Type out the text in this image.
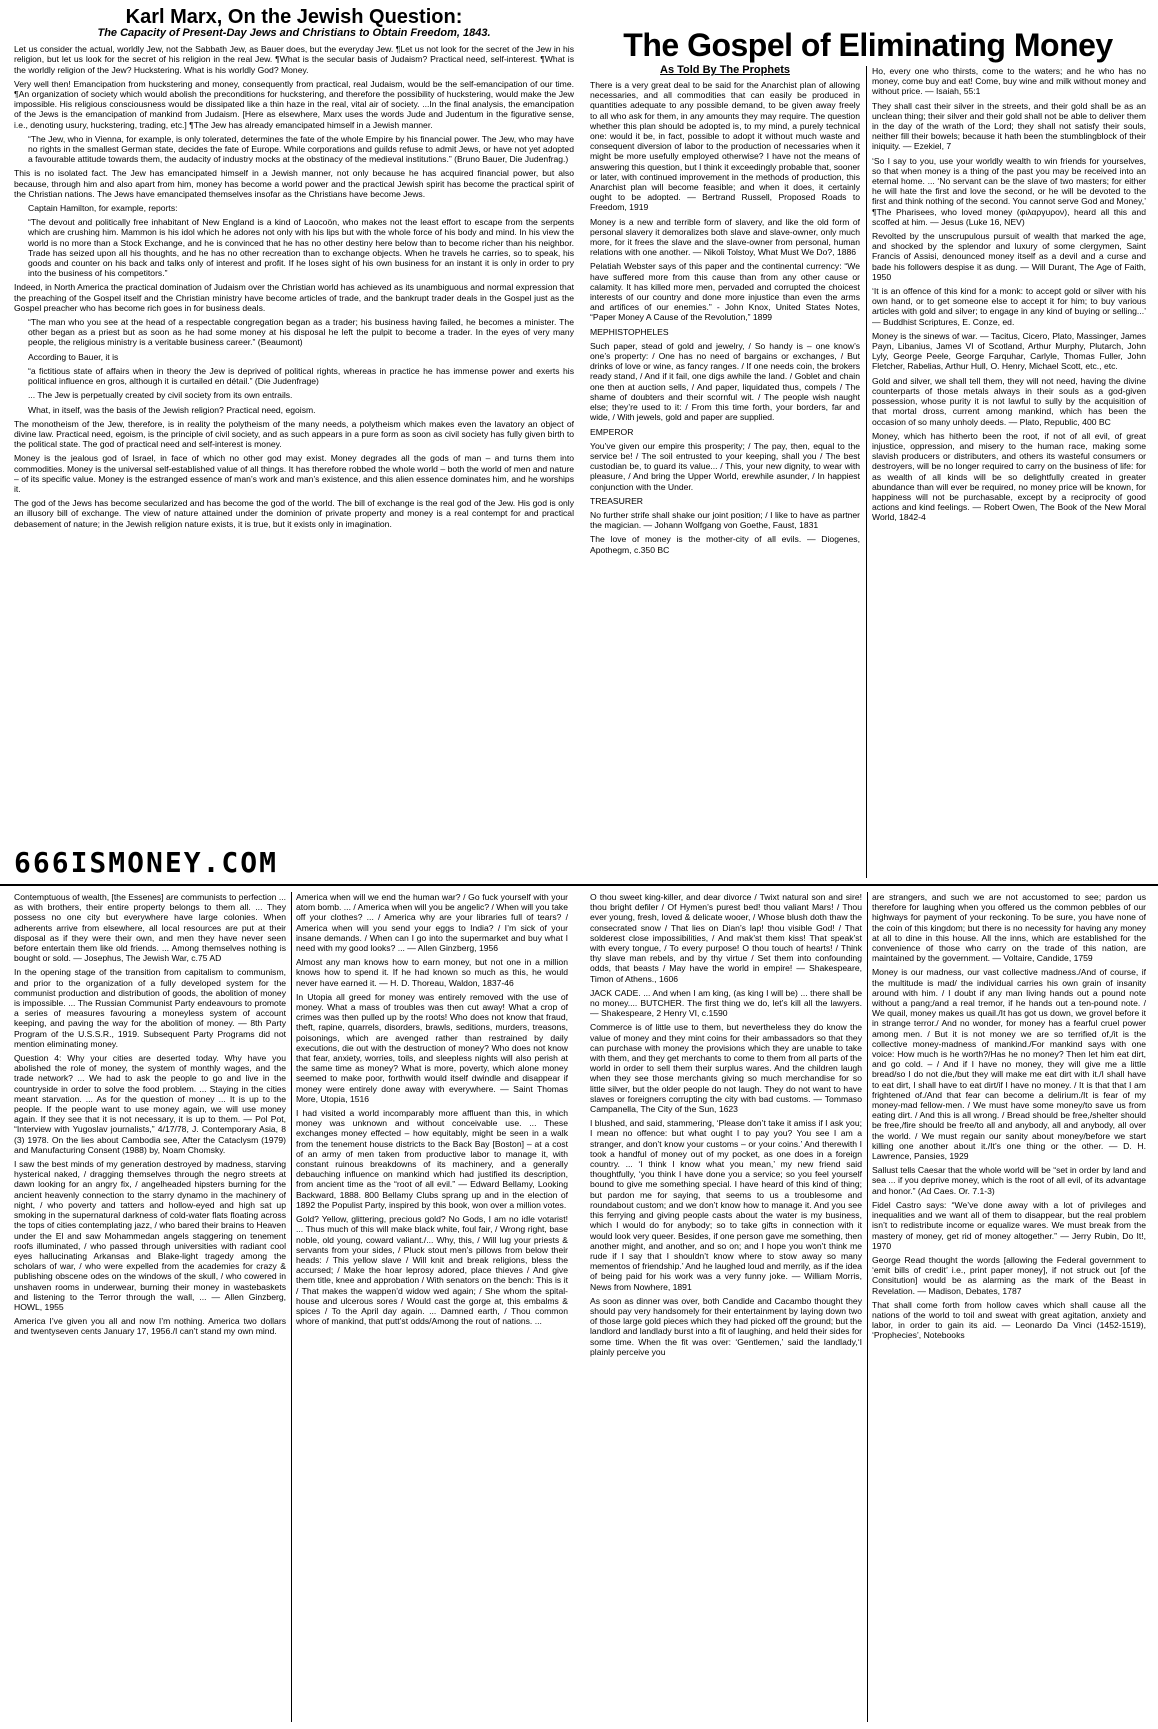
Karl Marx, On the Jewish Question:
The Capacity of Present-Day Jews and Christians to Obtain Freedom, 1843.

Let us consider the actual, worldly Jew, not the Sabbath Jew, as Bauer does, but the everyday Jew. ¶Let us not look for the secret of the Jew in his religion, but let us look for the secret of his religion in the real Jew. ¶What is the secular basis of Judaism? Practical need, self-interest. ¶What is the worldly religion of the Jew? Huckstering. What is his worldly God? Money.

Very well then! Emancipation from huckstering and money, consequently from practical, real Judaism, would be the self-emancipation of our time. ¶An organization of society which would abolish the preconditions for huckstering, and therefore the possibility of huckstering, would make the Jew impossible. His religious consciousness would be dissipated like a thin haze in the real, vital air of society. ...In the final analysis, the emancipation of the Jews is the emancipation of mankind from Judaism. [Here as elsewhere, Marx uses the words Jude and Judentum in the figurative sense, i.e., denoting usury, huckstering, trading, etc.] ¶The Jew has already emancipated himself in a Jewish manner.

“The Jew, who in Vienna, for example, is only tolerated, determines the fate of the whole Empire by his financial power. The Jew, who may have no rights in the smallest German state, decides the fate of Europe. While corporations and guilds refuse to admit Jews, or have not yet adopted a favourable attitude towards them, the audacity of industry mocks at the obstinacy of the medieval institutions.” (Bruno Bauer, Die Judenfrag.)

This is no isolated fact. The Jew has emancipated himself in a Jewish manner, not only because he has acquired financial power, but also because, through him and also apart from him, money has become a world power and the practical Jewish spirit has become the practical spirit of the Christian nations. The Jews have emancipated themselves insofar as the Christians have become Jews.

Captain Hamilton, for example, reports:

“The devout and politically free inhabitant of New England is a kind of Laocoön, who makes not the least effort to escape from the serpents which are crushing him. Mammon is his idol which he adores not only with his lips but with the whole force of his body and mind. In his view the world is no more than a Stock Exchange, and he is convinced that he has no other destiny here below than to become richer than his neighbor. Trade has seized upon all his thoughts, and he has no other recreation than to exchange objects. When he travels he carries, so to speak, his goods and counter on his back and talks only of interest and profit. If he loses sight of his own business for an instant it is only in order to pry into the business of his competitors.”

Indeed, in North America the practical domination of Judaism over the Christian world has achieved as its unambiguous and normal expression that the preaching of the Gospel itself and the Christian ministry have become articles of trade, and the bankrupt trader deals in the Gospel just as the Gospel preacher who has become rich goes in for business deals.

“The man who you see at the head of a respectable congregation began as a trader; his business having failed, he becomes a minister. The other began as a priest but as soon as he had some money at his disposal he left the pulpit to become a trader. In the eyes of very many people, the religious ministry is a veritable business career.” (Beaumont)

According to Bauer, it is

“a fictitious state of affairs when in theory the Jew is deprived of political rights, whereas in practice he has immense power and exerts his political influence en gros, although it is curtailed en détail.” (Die Judenfrage)

... The Jew is perpetually created by civil society from its own entrails.

What, in itself, was the basis of the Jewish religion? Practical need, egoism.

The monotheism of the Jew, therefore, is in reality the polytheism of the many needs, a polytheism which makes even the lavatory an object of divine law. Practical need, egoism, is the principle of civil society, and as such appears in a pure form as soon as civil society has fully given birth to the political state. The god of practical need and self-interest is money.

Money is the jealous god of Israel, in face of which no other god may exist. Money degrades all the gods of man – and turns them into commodities. Money is the universal self-established value of all things. It has therefore robbed the whole world – both the world of men and nature – of its specific value. Money is the estranged essence of man’s work and man’s existence, and this alien essence dominates him, and he worships it.

The god of the Jews has become secularized and has become the god of the world. The bill of exchange is the real god of the Jew. His god is only an illusory bill of exchange. The view of nature attained under the dominion of private property and money is a real contempt for and practical debasement of nature; in the Jewish religion nature exists, it is true, but it exists only in imagination.

666ISMONEY.COM
The Gospel of Eliminating Money
As Told By The Prophets

There is a very great deal to be said for the Anarchist plan of allowing necessaries, and all commodities that can easily be produced in quantities adequate to any possible demand, to be given away freely to all who ask for them, in any amounts they may require. The question whether this plan should be adopted is, to my mind, a purely technical one: would it be, in fact, possible to adopt it without much waste and consequent diversion of labor to the production of necessaries when it might be more usefully employed otherwise? I have not the means of answering this question, but I think it exceedingly probable that, sooner or later, with continued improvement in the methods of production, this Anarchist plan will become feasible; and when it does, it certainly ought to be adopted. — Bertrand Russell, Proposed Roads to Freedom, 1919

Money is a new and terrible form of slavery, and like the old form of personal slavery it demoralizes both slave and slave-owner, only much more, for it frees the slave and the slave-owner from personal, human relations with one another. — Nikoli Tolstoy, What Must We Do?, 1886

Pelatiah Webster says of this paper and the continental currency: “We have suffered more from this cause than from any other cause or calamity. It has killed more men, pervaded and corrupted the choicest interests of our country and done more injustice than even the arms and artifices of our enemies.” - John Knox, United States Notes, “Paper Money A Cause of the Revolution,” 1899

MEPHISTOPHELES

Such paper, stead of gold and jewelry, / So handy is – one know’s one’s property: / One has no need of bargains or exchanges, / But drinks of love or wine, as fancy ranges. / If one needs coin, the brokers ready stand, / And if it fail, one digs awhile the land. / Goblet and chain one then at auction sells, / And paper, liquidated thus, compels / The shame of doubters and their scornful wit. / The people wish naught else; they’re used to it: / From this time forth, your borders, far and wide, / With jewels, gold and paper are supplied.

EMPEROR

You’ve given our empire this prosperity; / The pay, then, equal to the service be! / The soil entrusted to your keeping, shall you / The best custodian be, to guard its value... / This, your new dignity, to wear with pleasure, / And bring the Upper World, erewhile asunder, / In happiest conjunction with the Under.

TREASURER

No further strife shall shake our joint position; / I like to have as partner the magician. — Johann Wolfgang von Goethe, Faust, 1831

The love of money is the mother-city of all evils. — Diogenes, Apothegm, c.350 BC

Ho, every one who thirsts, come to the waters; and he who has no money, come buy and eat! Come, buy wine and milk without money and without price. — Isaiah, 55:1

They shall cast their silver in the streets, and their gold shall be as an unclean thing; their silver and their gold shall not be able to deliver them in the day of the wrath of the Lord; they shall not satisfy their souls, neither fill their bowels; because it hath been the stumblingblock of their iniquity. — Ezekiel, 7

‘So I say to you, use your worldly wealth to win friends for yourselves, so that when money is a thing of the past you may be received into an eternal home. ... ‘No servant can be the slave of two masters; for either he will hate the first and love the second, or he will be devoted to the first and think nothing of the second. You cannot serve God and Money,’ ¶The Pharisees, who loved money (φιλαργυρον), heard all this and scoffed at him. — Jesus (Luke 16, NEV)

Revolted by the unscrupulous pursuit of wealth that marked the age, and shocked by the splendor and luxury of some clergymen, Saint Francis of Assisi, denounced money itself as a devil and a curse and bade his followers despise it as dung. — Will Durant, The Age of Faith, 1950

‘It is an offence of this kind for a monk: to accept gold or silver with his own hand, or to get someone else to accept it for him; to buy various articles with gold and silver; to engage in any kind of buying or selling...’ — Buddhist Scriptures, E. Conze, ed.

Money is the sinews of war. — Tacitus, Cicero, Plato, Massinger, James Payn, Libanius, James VI of Scotland, Arthur Murphy, Plutarch, John Lyly, George Peele, George Farquhar, Carlyle, Thomas Fuller, John Fletcher, Rabelias, Arthur Hull, O. Henry, Michael Scott, etc., etc.

Gold and silver, we shall tell them, they will not need, having the divine counterparts of those metals always in their souls as a god-given possession, whose purity it is not lawful to sully by the acquisition of that mortal dross, current among mankind, which has been the occasion of so many unholy deeds. — Plato, Republic, 400 BC

Money, which has hitherto been the root, if not of all evil, of great injustice, oppression, and misery to the human race, making some slavish producers or distributers, and others its wasteful consumers or destroyers, will be no longer required to carry on the business of life: for as wealth of all kinds will be so delightfully created in greater abundance than will ever be required, no money price will be known, for happiness will not be purchasable, except by a reciprocity of good actions and kind feelings. — Robert Owen, The Book of the New Moral World, 1842-4

Contemptuous of wealth, [the Essenes] are communists to perfection ... as with brothers, their entire property belongs to them all. ... They possess no one city but everywhere have large colonies. When adherents arrive from elsewhere, all local resources are put at their disposal as if they were their own, and men they have never seen before entertain them like old friends. ... Among themselves nothing is bought or sold. — Josephus, The Jewish War, c.75 AD

In the opening stage of the transition from capitalism to communism, and prior to the organization of a fully developed system for the communist production and distribution of goods, the abolition of money is impossible. ... The Russian Communist Party endeavours to promote a series of measures favouring a moneyless system of account keeping, and paving the way for the abolition of money. — 8th Party Program of the U.S.S.R., 1919. Subsequent Party Programs did not mention eliminating money.

Question 4: Why your cities are deserted today. Why have you abolished the role of money, the system of monthly wages, and the trade network? ... We had to ask the people to go and live in the countryside in order to solve the food problem. ... Staying in the cities meant starvation. ... As for the question of money ... It is up to the people. If the people want to use money again, we will use money again. If they see that it is not necessary, it is up to them. — Pol Pot, “Interview with Yugoslav journalists,” 4/17/78, J. Contemporary Asia, 8 (3) 1978. On the lies about Cambodia see, After the Cataclysm (1979) and Manufacturing Consent (1988) by, Noam Chomsky.

I saw the best minds of my generation destroyed by madness, starving hysterical naked, / dragging themselves through the negro streets at dawn looking for an angry fix, / angelheaded hipsters burning for the ancient heavenly connection to the starry dynamo in the machinery of night, / who poverty and tatters and hollow-eyed and high sat up smoking in the supernatural darkness of cold-water flats floating across the tops of cities contemplating jazz, / who bared their brains to Heaven under the El and saw Mohammedan angels staggering on tenement roofs illuminated, / who passed through universities with radiant cool eyes hallucinating Arkansas and Blake-light tragedy among the scholars of war, / who were expelled from the academies for crazy & publishing obscene odes on the windows of the skull, / who cowered in unshaven rooms in underwear, burning their money in wastebaskets and listening to the Terror through the wall, ... — Allen Ginzberg, HOWL, 1955

America I’ve given you all and now I’m nothing. America two dollars and twentyseven cents January 17, 1956./I can’t stand my own mind.

America when will we end the human war? / Go fuck yourself with your atom bomb. ... / America when will you be angelic? / When will you take off your clothes? ... / America why are your libraries full of tears? / America when will you send your eggs to India? / I’m sick of your insane demands. / When can I go into the supermarket and buy what I need with my good looks? ... — Allen Ginzberg, 1956

Almost any man knows how to earn money, but not one in a million knows how to spend it. If he had known so much as this, he would never have earned it. — H. D. Thoreau, Waldon, 1837-46

In Utopia all greed for money was entirely removed with the use of money. What a mass of troubles was then cut away! What a crop of crimes was then pulled up by the roots! Who does not know that fraud, theft, rapine, quarrels, disorders, brawls, seditions, murders, treasons, poisonings, which are avenged rather than restrained by daily executions, die out with the destruction of money? Who does not know that fear, anxiety, worries, toils, and sleepless nights will also perish at the same time as money? What is more, poverty, which alone money seemed to make poor, forthwith would itself dwindle and disappear if money were entirely done away with everywhere. — Saint Thomas More, Utopia, 1516

I had visited a world incomparably more affluent than this, in which money was unknown and without conceivable use. ... These exchanges money effected – how equitably, might be seen in a walk from the tenement house districts to the Back Bay [Boston] – at a cost of an army of men taken from productive labor to manage it, with constant ruinous breakdowns of its machinery, and a generally debauching influence on mankind which had justified its description, from ancient time as the “root of all evil.” — Edward Bellamy, Looking Backward, 1888. 800 Bellamy Clubs sprang up and in the election of 1892 the Populist Party, inspired by this book, won over a million votes.

Gold? Yellow, glittering, precious gold? No Gods, I am no idle votarist! ... Thus much of this will make black white, foul fair, / Wrong right, base noble, old young, coward valiant./... Why, this, / Will lug your priests & servants from your sides, / Pluck stout men’s pillows from below their heads: / This yellow slave / Will knit and break religions, bless the accursed; / Make the hoar leprosy adored, place thieves / And give them title, knee and approbation / With senators on the bench: This is it / That makes the wappen’d widow wed again; / She whom the spital-house and ulcerous sores / Would cast the gorge at, this embalms & spices / To the April day again. ... Damned earth, / Thou common whore of mankind, that putt’st odds/Among the rout of nations. ...

O thou sweet king-killer, and dear divorce / Twixt natural son and sire! thou bright defiler / Of Hymen’s purest bed! thou valiant Mars! / Thou ever young, fresh, loved & delicate wooer, / Whose blush doth thaw the consecrated snow / That lies on Dian’s lap! thou visible God! / That solderest close impossibilities, / And mak’st them kiss! That speak’st with every tongue, / To every purpose! O thou touch of hearts! / Think thy slave man rebels, and by thy virtue / Set them into confounding odds, that beasts / May have the world in empire! — Shakespeare, Timon of Athens., 1606

JACK CADE. ... And when I am king, (as king I will be) ... there shall be no money.... BUTCHER. The first thing we do, let’s kill all the lawyers. — Shakespeare, 2 Henry VI, c.1590

Commerce is of little use to them, but nevertheless they do know the value of money and they mint coins for their ambassadors so that they can purchase with money the provisions which they are unable to take with them, and they get merchants to come to them from all parts of the world in order to sell them their surplus wares. And the children laugh when they see those merchants giving so much merchandise for so little silver, but the older people do not laugh. They do not want to have slaves or foreigners corrupting the city with bad customs. — Tommaso Campanella, The City of the Sun, 1623

I blushed, and said, stammering, ‘Please don’t take it amiss if I ask you; I mean no offence: but what ought I to pay you? You see I am a stranger, and don’t know your customs – or your coins.’ And therewith I took a handful of money out of my pocket, as one does in a foreign country. ... ‘I think I know what you mean,’ my new friend said thoughtfully, ‘you think I have done you a service; so you feel yourself bound to give me something special. I have heard of this kind of thing; but pardon me for saying, that seems to us a troublesome and roundabout custom; and we don’t know how to manage it. And you see this ferrying and giving people casts about the water is my business, which I would do for anybody; so to take gifts in connection with it would look very queer. Besides, if one person gave me something, then another might, and another, and so on; and I hope you won’t think me rude if I say that I shouldn’t know where to stow away so many mementos of friendship.’ And he laughed loud and merrily, as if the idea of being paid for his work was a very funny joke. — William Morris, News from Nowhere, 1891

As soon as dinner was over, both Candide and Cacambo thought they should pay very handsomely for their entertainment by laying down two of those large gold pieces which they had picked off the ground; but the landlord and landlady burst into a fit of laughing, and held their sides for some time. When the fit was over: ‘Gentlemen,’ said the landlady,‘I plainly perceive you

are strangers, and such we are not accustomed to see; pardon us therefore for laughing when you offered us the common pebbles of our highways for payment of your reckoning. To be sure, you have none of the coin of this kingdom; but there is no necessity for having any money at all to dine in this house. All the inns, which are established for the convenience of those who carry on the trade of this nation, are maintained by the government. — Voltaire, Candide, 1759

Money is our madness, our vast collective madness./And of course, if the multitude is mad/ the individual carries his own grain of insanity around with him. / I doubt if any man living hands out a pound note without a pang;/and a real tremor, if he hands out a ten-pound note. / We quail, money makes us quail./It has got us down, we grovel before it in strange terror./ And no wonder, for money has a fearful cruel power among men. / But it is not money we are so terrified of,/it is the collective money-madness of mankind./For mankind says with one voice: How much is he worth?/Has he no money? Then let him eat dirt, and go cold. – / And if I have no money, they will give me a little bread/so I do not die,/but they will make me eat dirt with it./I shall have to eat dirt, I shall have to eat dirt/if I have no money. / It is that that I am frightened of./And that fear can become a delirium./It is fear of my money-mad fellow-men. / We must have some money/to save us from eating dirt. / And this is all wrong. / Bread should be free,/shelter should be free,/fire should be free/to all and anybody, all and anybody, all over the world. / We must regain our sanity about money/before we start killing one another about it./It’s one thing or the other. — D. H. Lawrence, Pansies, 1929

Sallust tells Caesar that the whole world will be “set in order by land and sea ... if you deprive money, which is the root of all evil, of its advantage and honor.” (Ad Caes. Or. 7.1-3)

Fidel Castro says: “We’ve done away with a lot of privileges and inequalities and we want all of them to disappear, but the real problem isn’t to redistribute income or equalize wares. We must break from the mastery of money, get rid of money altogether.” — Jerry Rubin, Do It!, 1970

George Read thought the words [allowing the Federal government to ‘emit bills of credit’ i.e., print paper money], if not struck out [of the Consitution] would be as alarming as the mark of the Beast in Revelation. — Madison, Debates, 1787

That shall come forth from hollow caves which shall cause all the nations of the world to toil and sweat with great agitation, anxiety and labor, in order to gain its aid. — Leonardo Da Vinci (1452-1519), ‘Prophecies’, Notebooks
